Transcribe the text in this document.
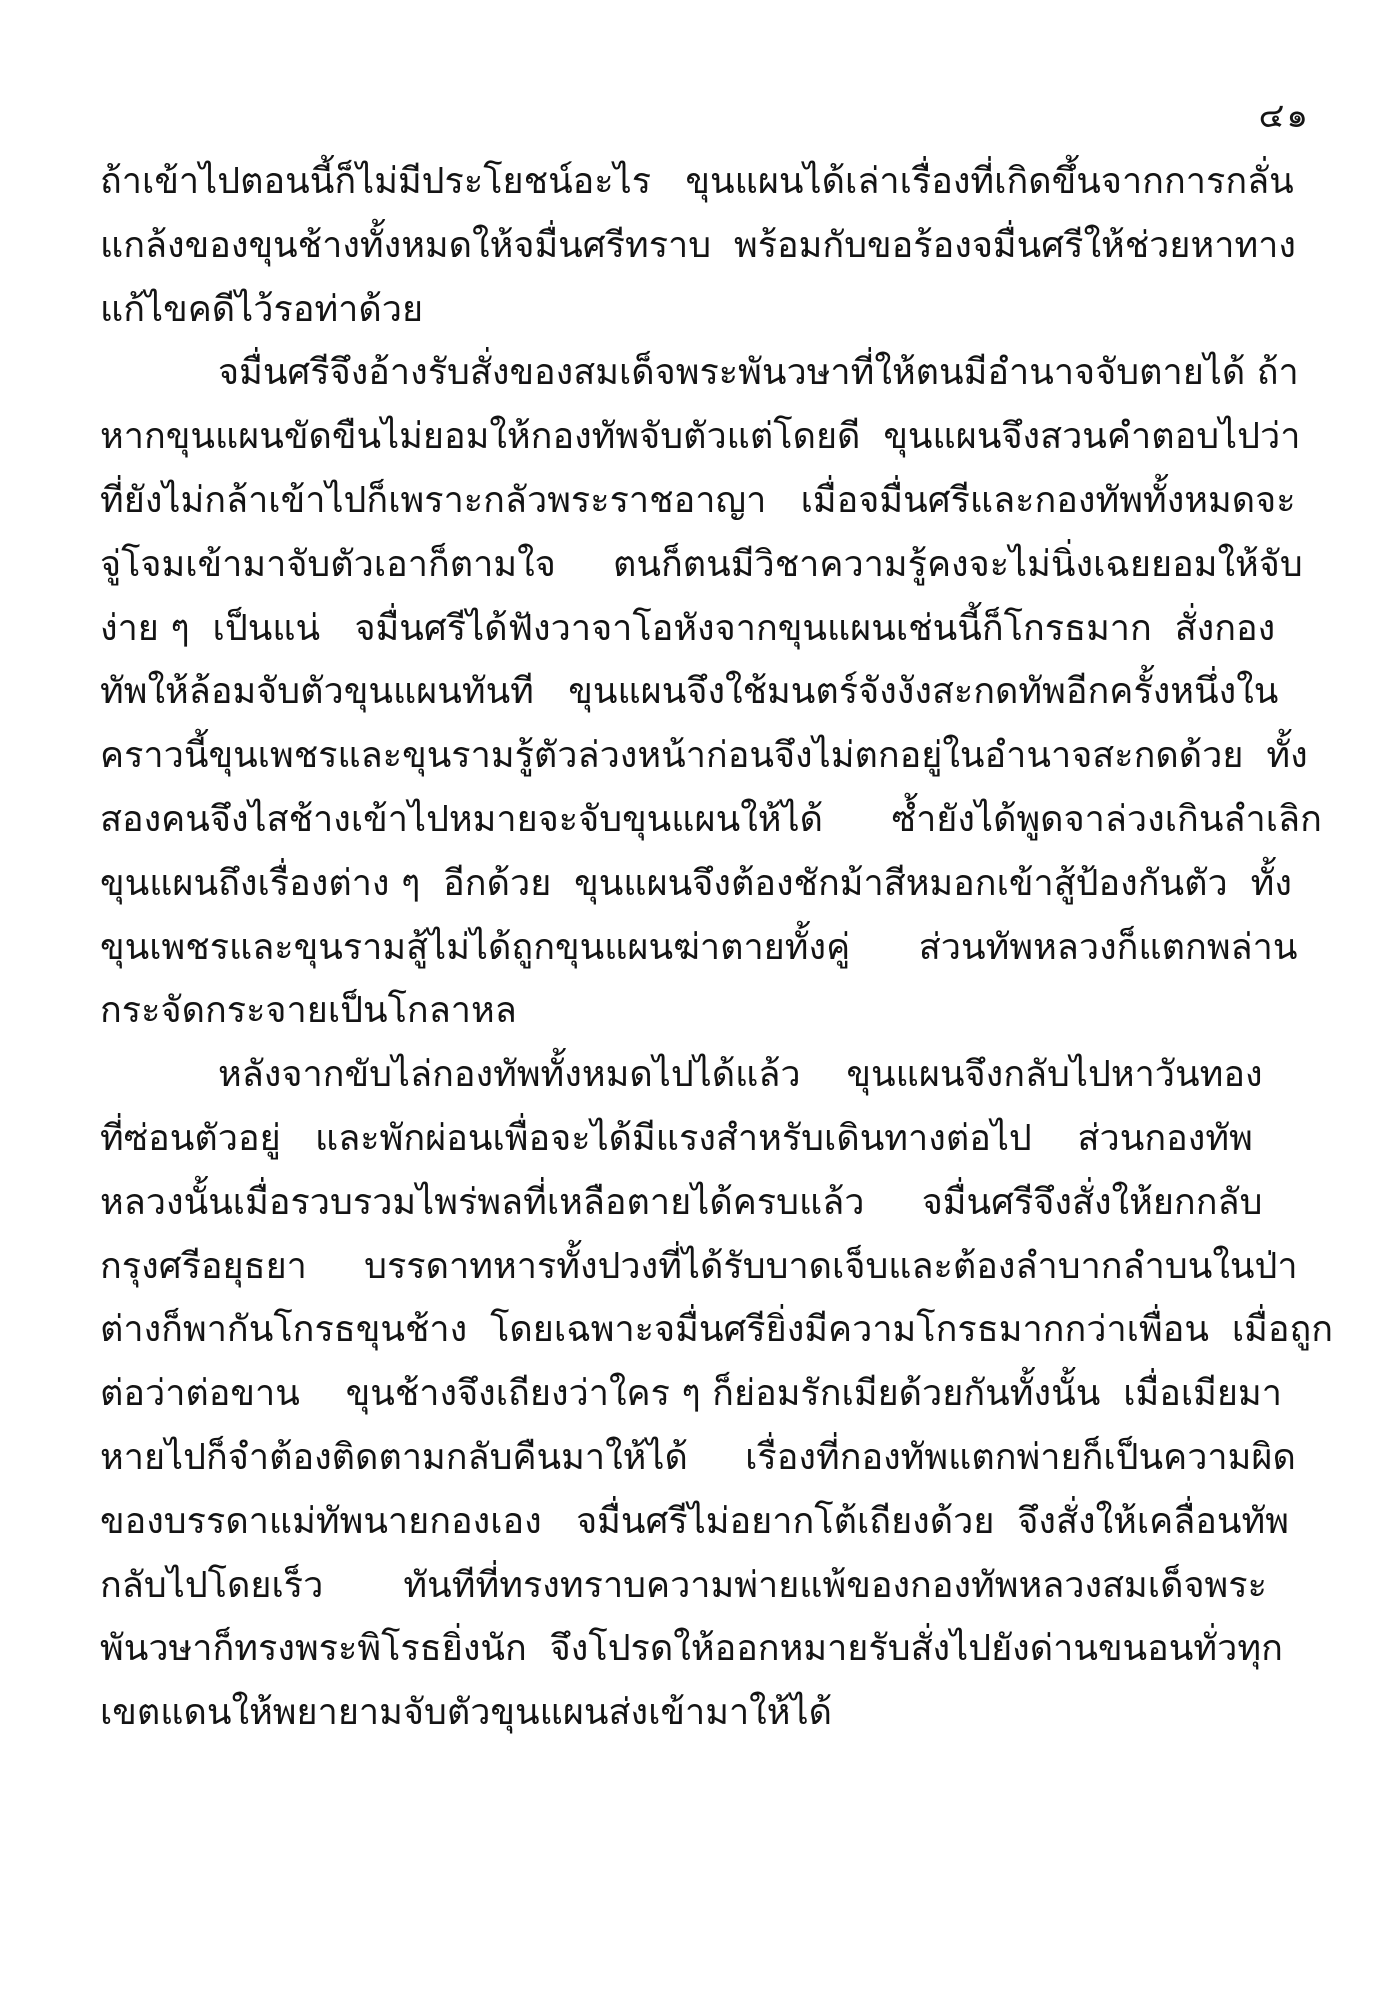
๔๑
ถ้าเข้าไปตอนนี้ก็ไม่มีประโยชน์อะไร   ขุนแผนได้เล่าเรื่องที่เกิดขึ้นจากการกลั่น
แกล้งของขุนช้างทั้งหมดให้จมื่นศรีทราบ  พร้อมกับขอร้องจมื่นศรีให้ช่วยหาทาง
แก้ไขคดีไว้รอท่าด้วย
จมื่นศรีจึงอ้างรับสั่งของสมเด็จพระพันวษาที่ให้ตนมีอำนาจจับตายได้ ถ้า
หากขุนแผนขัดขืนไม่ยอมให้กองทัพจับตัวแต่โดยดี  ขุนแผนจึงสวนคำตอบไปว่า
ที่ยังไม่กล้าเข้าไปก็เพราะกลัวพระราชอาญา   เมื่อจมื่นศรีและกองทัพทั้งหมดจะ
จู่โจมเข้ามาจับตัวเอาก็ตามใจ     ตนก็ตนมีวิชาความรู้คงจะไม่นิ่งเฉยยอมให้จับ
ง่าย ๆ  เป็นแน่   จมื่นศรีได้ฟังวาจาโอหังจากขุนแผนเช่นนี้ก็โกรธมาก  สั่งกอง
ทัพให้ล้อมจับตัวขุนแผนทันที   ขุนแผนจึงใช้มนตร์จังงังสะกดทัพอีกครั้งหนึ่งใน
คราวนี้ขุนเพชรและขุนรามรู้ตัวล่วงหน้าก่อนจึงไม่ตกอยู่ในอำนาจสะกดด้วย  ทั้ง
สองคนจึงไสช้างเข้าไปหมายจะจับขุนแผนให้ได้      ซ้ำยังได้พูดจาล่วงเกินลำเลิก
ขุนแผนถึงเรื่องต่าง ๆ  อีกด้วย  ขุนแผนจึงต้องชักม้าสีหมอกเข้าสู้ป้องกันตัว  ทั้ง
ขุนเพชรและขุนรามสู้ไม่ได้ถูกขุนแผนฆ่าตายทั้งคู่      ส่วนทัพหลวงก็แตกพล่าน
กระจัดกระจายเป็นโกลาหล
หลังจากขับไล่กองทัพทั้งหมดไปได้แล้ว    ขุนแผนจึงกลับไปหาวันทอง
ที่ซ่อนตัวอยู่   และพักผ่อนเพื่อจะได้มีแรงสำหรับเดินทางต่อไป    ส่วนกองทัพ
หลวงนั้นเมื่อรวบรวมไพร่พลที่เหลือตายได้ครบแล้ว     จมื่นศรีจึงสั่งให้ยกกลับ
กรุงศรีอยุธยา     บรรดาทหารทั้งปวงที่ได้รับบาดเจ็บและต้องลำบากลำบนในป่า
ต่างก็พากันโกรธขุนช้าง  โดยเฉพาะจมื่นศรียิ่งมีความโกรธมากกว่าเพื่อน  เมื่อถูก
ต่อว่าต่อขาน    ขุนช้างจึงเถียงว่าใคร ๆ ก็ย่อมรักเมียด้วยกันทั้งนั้น  เมื่อเมียมา
หายไปก็จำต้องติดตามกลับคืนมาให้ได้     เรื่องที่กองทัพแตกพ่ายก็เป็นความผิด
ของบรรดาแม่ทัพนายกองเอง   จมื่นศรีไม่อยากโต้เถียงด้วย  จึงสั่งให้เคลื่อนทัพ
กลับไปโดยเร็ว       ทันทีที่ทรงทราบความพ่ายแพ้ของกองทัพหลวงสมเด็จพระ
พันวษาก็ทรงพระพิโรธยิ่งนัก  จึงโปรดให้ออกหมายรับสั่งไปยังด่านขนอนทั่วทุก
เขตแดนให้พยายามจับตัวขุนแผนส่งเข้ามาให้ได้
